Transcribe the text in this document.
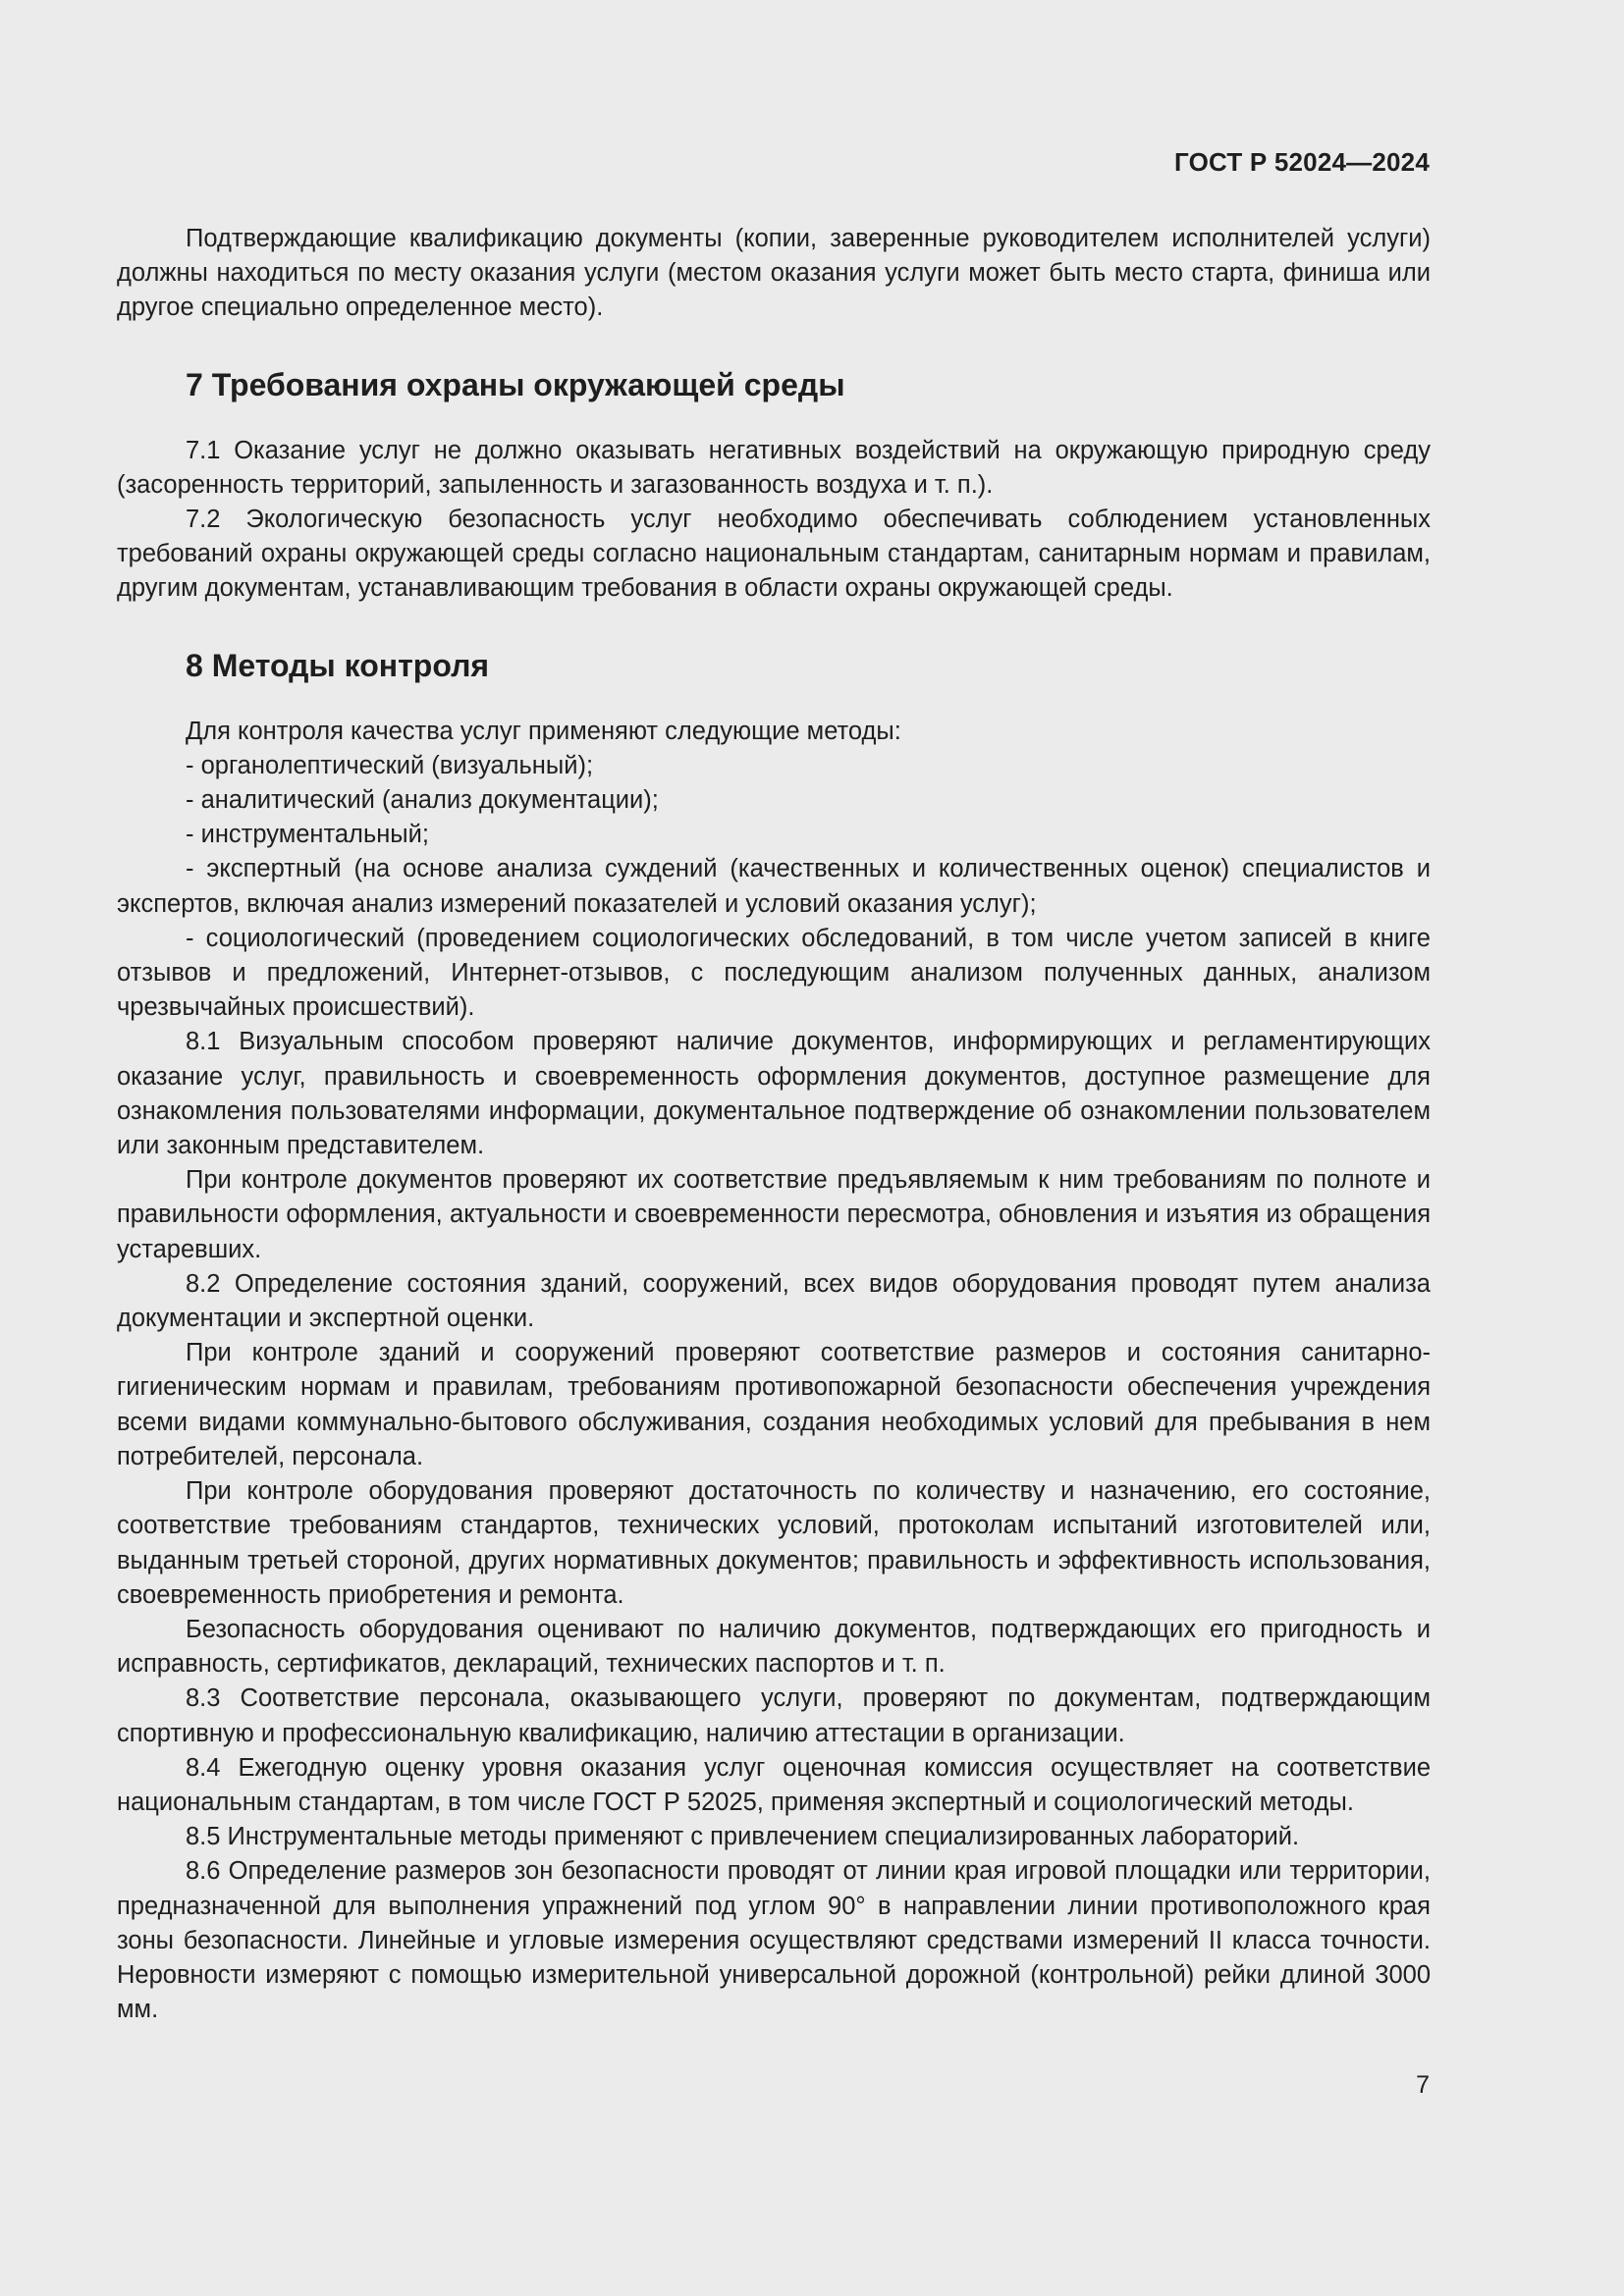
ГОСТ Р 52024—2024

Подтверждающие квалификацию документы (копии, заверенные руководителем исполнителей услуги) должны находиться по месту оказания услуги (местом оказания услуги может быть место старта, финиша или другое специально определенное место).

7 Требования охраны окружающей среды

7.1 Оказание услуг не должно оказывать негативных воздействий на окружающую природную среду (засоренность территорий, запыленность и загазованность воздуха и т. п.).

7.2 Экологическую безопасность услуг необходимо обеспечивать соблюдением установленных требований охраны окружающей среды согласно национальным стандартам, санитарным нормам и правилам, другим документам, устанавливающим требования в области охраны окружающей среды.

8 Методы контроля

Для контроля качества услуг применяют следующие методы:

- органолептический (визуальный);

- аналитический (анализ документации);

- инструментальный;

- экспертный (на основе анализа суждений (качественных и количественных оценок) специалистов и экспертов, включая анализ измерений показателей и условий оказания услуг);

- социологический (проведением социологических обследований, в том числе учетом записей в книге отзывов и предложений, Интернет-отзывов, с последующим анализом полученных данных, анализом чрезвычайных происшествий).

8.1 Визуальным способом проверяют наличие документов, информирующих и регламентирующих оказание услуг, правильность и своевременность оформления документов, доступное размещение для ознакомления пользователями информации, документальное подтверждение об ознакомлении пользователем или законным представителем.

При контроле документов проверяют их соответствие предъявляемым к ним требованиям по полноте и правильности оформления, актуальности и своевременности пересмотра, обновления и изъятия из обращения устаревших.

8.2 Определение состояния зданий, сооружений, всех видов оборудования проводят путем анализа документации и экспертной оценки.

При контроле зданий и сооружений проверяют соответствие размеров и состояния санитарно-гигиеническим нормам и правилам, требованиям противопожарной безопасности обеспечения учреждения всеми видами коммунально-бытового обслуживания, создания необходимых условий для пребывания в нем потребителей, персонала.

При контроле оборудования проверяют достаточность по количеству и назначению, его состояние, соответствие требованиям стандартов, технических условий, протоколам испытаний изготовителей или, выданным третьей стороной, других нормативных документов; правильность и эффективность использования, своевременность приобретения и ремонта.

Безопасность оборудования оценивают по наличию документов, подтверждающих его пригодность и исправность, сертификатов, деклараций, технических паспортов и т. п.

8.3 Соответствие персонала, оказывающего услуги, проверяют по документам, подтверждающим спортивную и профессиональную квалификацию, наличию аттестации в организации.

8.4 Ежегодную оценку уровня оказания услуг оценочная комиссия осуществляет на соответствие национальным стандартам, в том числе ГОСТ Р 52025, применяя экспертный и социологический методы.

8.5 Инструментальные методы применяют с привлечением специализированных лабораторий.

8.6 Определение размеров зон безопасности проводят от линии края игровой площадки или территории, предназначенной для выполнения упражнений под углом 90° в направлении линии противоположного края зоны безопасности. Линейные и угловые измерения осуществляют средствами измерений II класса точности. Неровности измеряют с помощью измерительной универсальной дорожной (контрольной) рейки длиной 3000 мм.

7
